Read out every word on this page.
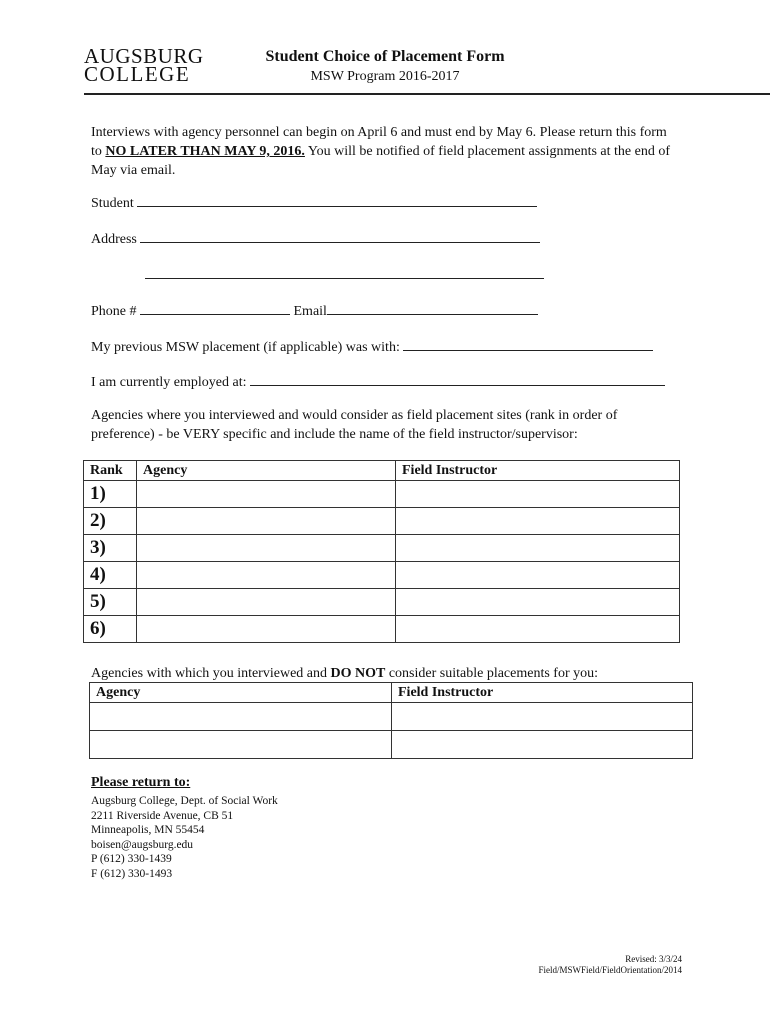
AUGSBURG
COLLEGE
Student Choice of Placement Form
MSW Program 2016-2017
Interviews with agency personnel can begin on April 6 and must end by May 6. Please return this form to NO LATER THAN MAY 9, 2016. You will be notified of field placement assignments at the end of May via email.
Student
Address
Phone #	Email
My previous MSW placement (if applicable) was with:
I am currently employed at:
Agencies where you interviewed and would consider as field placement sites (rank in order of preference) - be VERY specific and include the name of the field instructor/supervisor:
Rank	Agency	Field Instructor
1)		
2)		
3)		
4)		
5)		
6)		
Agencies with which you interviewed and DO NOT consider suitable placements for you:
Agency	Field Instructor

Please return to:
Augsburg College, Dept. of Social Work
2211 Riverside Avenue, CB 51
Minneapolis, MN 55454
boisen@augsburg.edu
P (612) 330-1439
F (612) 330-1493
Revised: 3/3/24
Field/MSWField/FieldOrientation/2014
